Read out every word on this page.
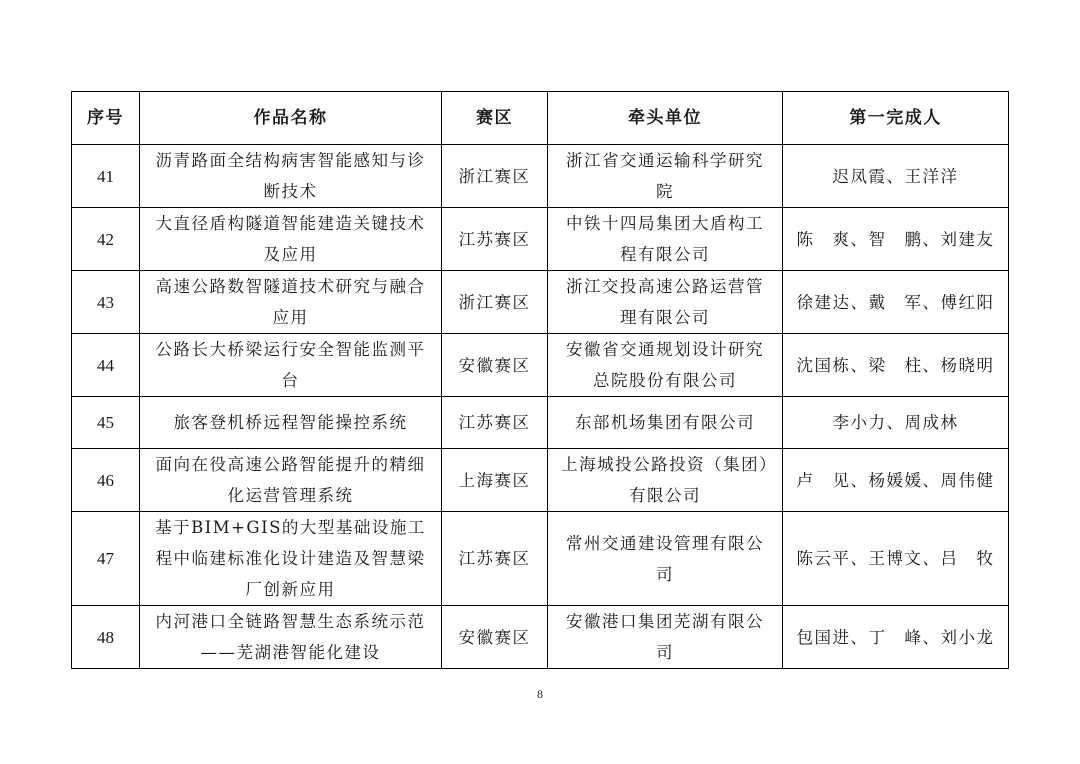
序号	作品名称	赛区	牵头单位	第一完成人
41	沥青路面全结构病害智能感知与诊断技术	浙江赛区	浙江省交通运输科学研究院	迟凤霞、王洋洋
42	大直径盾构隧道智能建造关键技术及应用	江苏赛区	中铁十四局集团大盾构工程有限公司	陈　爽、智　鹏、刘建友
43	高速公路数智隧道技术研究与融合应用	浙江赛区	浙江交投高速公路运营管理有限公司	徐建达、戴　军、傅红阳
44	公路长大桥梁运行安全智能监测平台	安徽赛区	安徽省交通规划设计研究总院股份有限公司	沈国栋、梁　柱、杨晓明
45	旅客登机桥远程智能操控系统	江苏赛区	东部机场集团有限公司	李小力、周成林
46	面向在役高速公路智能提升的精细化运营管理系统	上海赛区	上海城投公路投资（集团）有限公司	卢　见、杨媛媛、周伟健
47	基于BIM+GIS的大型基础设施工程中临建标准化设计建造及智慧梁厂创新应用	江苏赛区	常州交通建设管理有限公司	陈云平、王博文、吕　牧
48	内河港口全链路智慧生态系统示范——芜湖港智能化建设	安徽赛区	安徽港口集团芜湖有限公司	包国进、丁　峰、刘小龙
8
